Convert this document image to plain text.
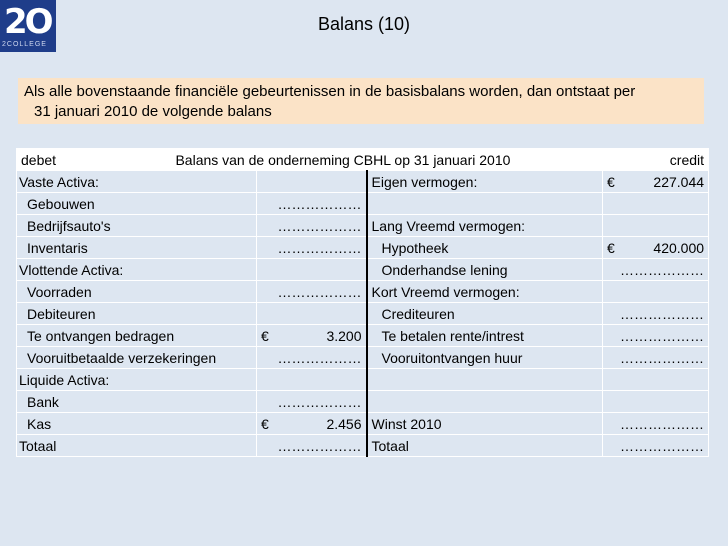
2O
2COLLEGE
Balans (10)
Als alle bovenstaande financiële gebeurtenissen in de basisbalans worden, dan ontstaat per
31 januari 2010 de volgende balans
debet Balans van de onderneming CBHL op 31 januari 2010 credit			

Vaste Activa:		Eigen vermogen:	€ 227.044

Gebouwen	………………		
Bedrijfsauto's	………………	Lang Vreemd vermogen:	
Inventaris	………………	Hypotheek	€ 420.000

Vlottende Activa:		Onderhandse lening	………………
Voorraden	………………	Kort Vreemd vermogen:	
Debiteuren		Crediteuren	………………
Te ontvangen bedragen	€ 3.200	Te betalen rente/intrest	………………
Vooruitbetaalde verzekeringen	………………	Vooruitontvangen huur	………………
Liquide Activa:			
Bank	………………		
Kas	€ 2.456	Winst 2010	………………
Totaal	………………	Totaal	………………
